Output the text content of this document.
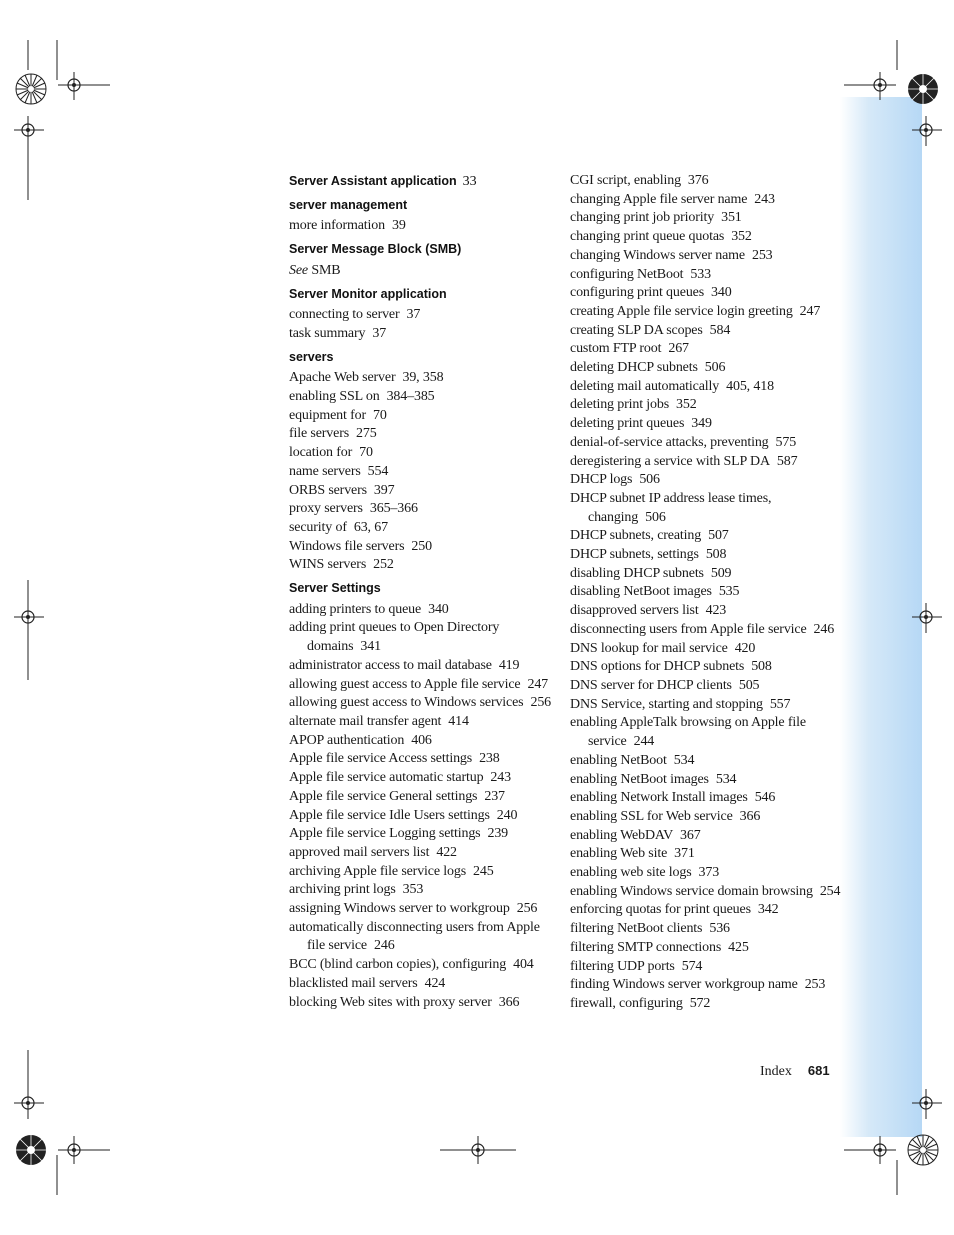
Server Assistant application 33
server management
more information 39
Server Message Block (SMB)
See SMB
Server Monitor application
connecting to server 37
task summary 37
servers
Apache Web server 39, 358
enabling SSL on 384–385
equipment for 70
file servers 275
location for 70
name servers 554
ORBS servers 397
proxy servers 365–366
security of 63, 67
Windows file servers 250
WINS servers 252
Server Settings
adding printers to queue 340
adding print queues to Open Directory domains 341
administrator access to mail database 419
allowing guest access to Apple file service 247
allowing guest access to Windows services 256
alternate mail transfer agent 414
APOP authentication 406
Apple file service Access settings 238
Apple file service automatic startup 243
Apple file service General settings 237
Apple file service Idle Users settings 240
Apple file service Logging settings 239
approved mail servers list 422
archiving Apple file service logs 245
archiving print logs 353
assigning Windows server to workgroup 256
automatically disconnecting users from Apple file service 246
BCC (blind carbon copies), configuring 404
blacklisted mail servers 424
blocking Web sites with proxy server 366
CGI script, enabling 376
changing Apple file server name 243
changing print job priority 351
changing print queue quotas 352
changing Windows server name 253
configuring NetBoot 533
configuring print queues 340
creating Apple file service login greeting 247
creating SLP DA scopes 584
custom FTP root 267
deleting DHCP subnets 506
deleting mail automatically 405, 418
deleting print jobs 352
deleting print queues 349
denial-of-service attacks, preventing 575
deregistering a service with SLP DA 587
DHCP logs 506
DHCP subnet IP address lease times, changing 506
DHCP subnets, creating 507
DHCP subnets, settings 508
disabling DHCP subnets 509
disabling NetBoot images 535
disapproved servers list 423
disconnecting users from Apple file service 246
DNS lookup for mail service 420
DNS options for DHCP subnets 508
DNS server for DHCP clients 505
DNS Service, starting and stopping 557
enabling AppleTalk browsing on Apple file service 244
enabling NetBoot 534
enabling NetBoot images 534
enabling Network Install images 546
enabling SSL for Web service 366
enabling WebDAV 367
enabling Web site 371
enabling web site logs 373
enabling Windows service domain browsing 254
enforcing quotas for print queues 342
filtering NetBoot clients 536
filtering SMTP connections 425
filtering UDP ports 574
finding Windows server workgroup name 253
firewall, configuring 572
Index 681
